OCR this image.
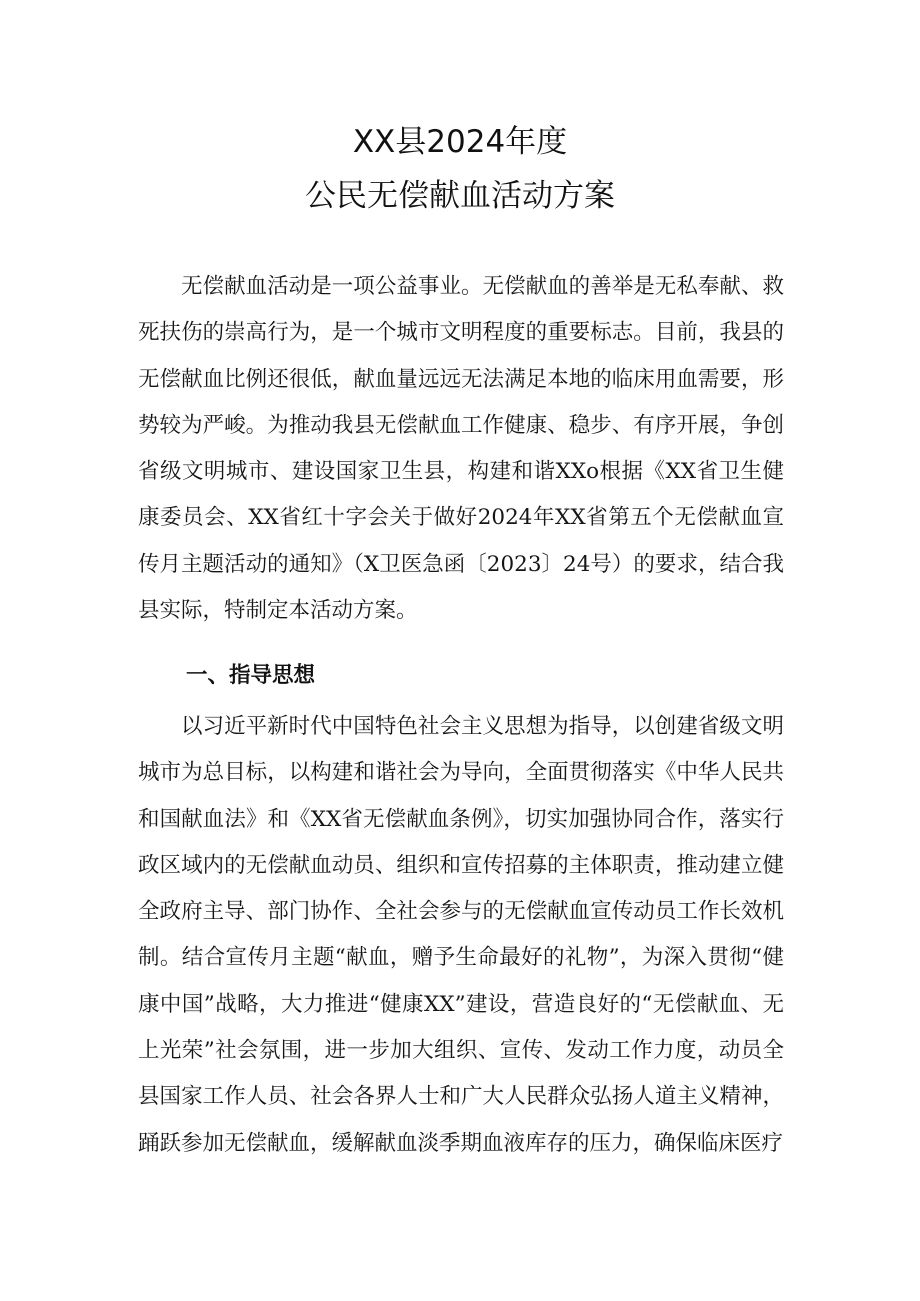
XX县2024年度
公民无偿献血活动方案

无偿献血活动是一项公益事业。无偿献血的善举是无私奉献、救死扶伤的崇高行为，是一个城市文明程度的重要标志。目前，我县的无偿献血比例还很低，献血量远远无法满足本地的临床用血需要，形势较为严峻。为推动我县无偿献血工作健康、稳步、有序开展，争创省级文明城市、建设国家卫生县，构建和谐XXo根据《XX省卫生健康委员会、XX省红十字会关于做好2024年XX省第五个无偿献血宣传月主题活动的通知》（X卫医急函〔2023〕24号）的要求，结合我县实际，特制定本活动方案。

一、指导思想

以习近平新时代中国特色社会主义思想为指导，以创建省级文明城市为总目标，以构建和谐社会为导向，全面贯彻落实《中华人民共和国献血法》和《XX省无偿献血条例》，切实加强协同合作，落实行政区域内的无偿献血动员、组织和宣传招募的主体职责，推动建立健全政府主导、部门协作、全社会参与的无偿献血宣传动员工作长效机制。结合宣传月主题“献血，赠予生命最好的礼物”，为深入贯彻“健康中国”战略，大力推进“健康XX”建设，营造良好的“无偿献血、无上光荣”社会氛围，进一步加大组织、宣传、发动工作力度，动员全县国家工作人员、社会各界人士和广大人民群众弘扬人道主义精神，踊跃参加无偿献血，缓解献血淡季期血液库存的压力，确保临床医疗
